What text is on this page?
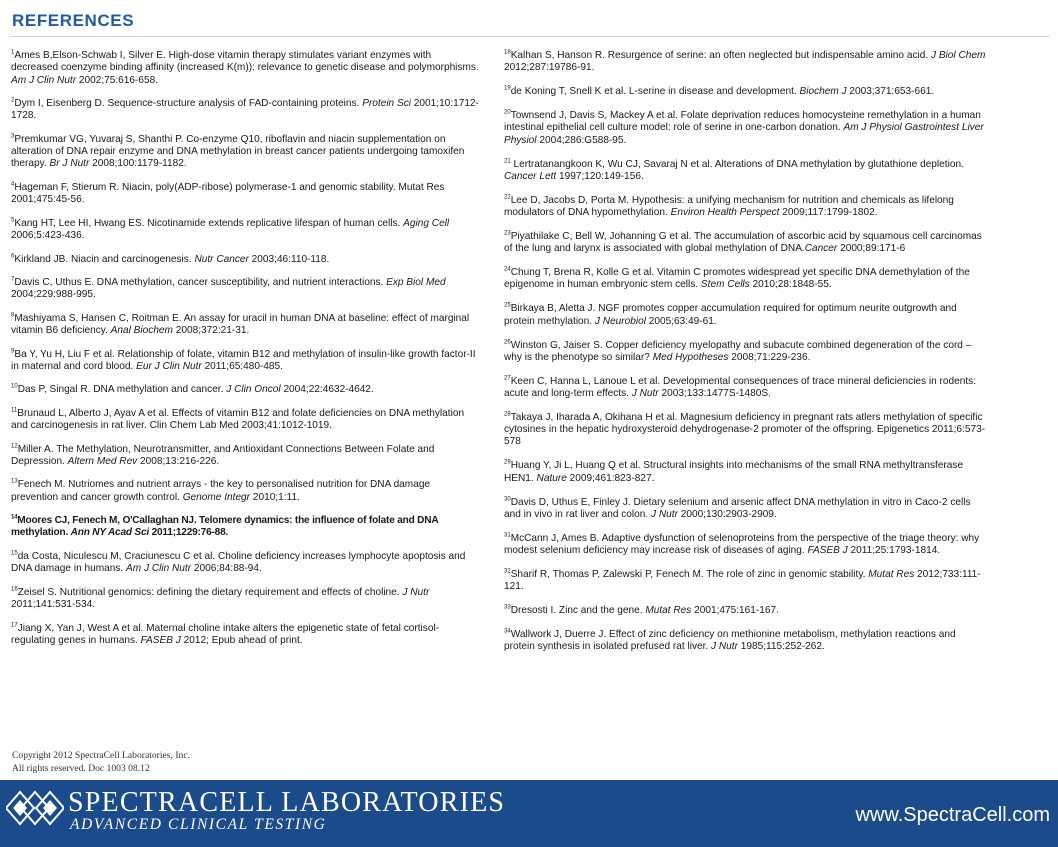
REFERENCES

$^1$Ames B,Elson-Schwab I, Silver E. High-dose vitamin therapy stimulates variant enzymes with decreased coenzyme binding affinity (increased K(m)): relevance to genetic disease and polymorphisms. Am J Clin Nutr 2002;75:616-658.

$^2$Dym I, Eisenberg D. Sequence-structure analysis of FAD-containing proteins. Protein Sci 2001;10:1712-1728.

$^3$Premkumar VG, Yuvaraj S, Shanthi P. Co-enzyme Q10, riboflavin and niacin supplementation on alteration of DNA repair enzyme and DNA methylation in breast cancer patients undergoing tamoxifen therapy. Br J Nutr 2008;100:1179-1182.

$^4$Hageman F, Stierum R. Niacin, poly(ADP-ribose) polymerase-1 and genomic stability. Mutat Res 2001;475:45-56.

$^5$Kang HT, Lee HI, Hwang ES. Nicotinamide extends replicative lifespan of human cells. Aging Cell 2006;5:423-436.

$^6$Kirkland JB. Niacin and carcinogenesis. Nutr Cancer 2003;46:110-118.

$^7$Davis C, Uthus E. DNA methylation, cancer susceptibility, and nutrient interactions. Exp Biol Med 2004;229:988-995.

$^8$Mashiyama S, Hansen C, Roitman E. An assay for uracil in human DNA at baseline: effect of marginal vitamin B6 deficiency. Anal Biochem 2008;372:21-31.

$^9$Ba Y, Yu H, Liu F et al. Relationship of folate, vitamin B12 and methylation of insulin-like growth factor-II in maternal and cord blood. Eur J Clin Nutr 2011;65:480-485.

$^{10}$Das P, Singal R. DNA methylation and cancer. J Clin Oncol 2004;22:4632-4642.

$^{11}$Brunaud L, Alberto J, Ayav A et al. Effects of vitamin B12 and folate deficiencies on DNA methylation and carcinogenesis in rat liver. Clin Chem Lab Med 2003;41:1012-1019.

$^{12}$Miller A. The Methylation, Neurotransmitter, and Antioxidant Connections Between Folate and Depression. Altern Med Rev 2008;13:216-226.

$^{13}$Fenech M. Nutriomes and nutrient arrays - the key to personalised nutrition for DNA damage prevention and cancer growth control. Genome Integr 2010;1:11.

$^{14}$Moores CJ, Fenech M, O'Callaghan NJ. Telomere dynamics: the influence of folate and DNA methylation. Ann NY Acad Sci 2011;1229:76-88.

$^{15}$da Costa, Niculescu M, Craciunescu C et al. Choline deficiency increases lymphocyte apoptosis and DNA damage in humans. Am J Clin Nutr 2006;84:88-94.

$^{16}$Zeisel S. Nutritional genomics: defining the dietary requirement and effects of choline. J Nutr 2011;141:531-534.

$^{17}$Jiang X, Yan J, West A et al. Maternal choline intake alters the epigenetic state of fetal cortisol-regulating genes in humans. FASEB J 2012; Epub ahead of print.

$^{18}$Kalhan S, Hanson R. Resurgence of serine: an often neglected but indispensable amino acid. J Biol Chem 2012;287:19786-91.

$^{19}$de Koning T, Snell K et al. L-serine in disease and development. Biochem J 2003;371:653-661.

$^{20}$Townsend J, Davis S, Mackey A et al. Folate deprivation reduces homocysteine remethylation in a human intestinal epithelial cell culture model: role of serine in one-carbon donation. Am J Physiol Gastrointest Liver Physiol 2004;286:G588-95.

$^{21}$ Lertratanangkoon K, Wu CJ, Savaraj N et al. Alterations of DNA methylation by glutathione depletion. Cancer Lett 1997;120:149-156.

$^{22}$Lee D, Jacobs D, Porta M. Hypothesis: a unifying mechanism for nutrition and chemicals as lifelong modulators of DNA hypomethylation. Environ Health Perspect 2009;117:1799-1802.

$^{23}$Piyathilake C, Bell W, Johanning G et al. The accumulation of ascorbic acid by squamous cell carcinomas of the lung and larynx is associated with global methylation of DNA.Cancer 2000;89:171-6

$^{24}$Chung T, Brena R, Kolle G et al. Vitamin C promotes widespread yet specific DNA demethylation of the epigenome in human embryonic stem cells. Stem Cells 2010;28:1848-55.

$^{25}$Birkaya B, Aletta J. NGF promotes copper accumulation required for optimum neurite outgrowth and protein methylation. J Neurobiol 2005;63:49-61.

$^{26}$Winston G, Jaiser S. Copper deficiency myelopathy and subacute combined degeneration of the cord – why is the phenotype so similar? Med Hypotheses 2008;71:229-236.

$^{27}$Keen C, Hanna L, Lanoue L et al. Developmental consequences of trace mineral deficiencies in rodents: acute and long-term effects. J Nutr 2003;133:1477S-1480S.

$^{28}$Takaya J, Iharada A, Okihana H et al. Magnesium deficiency in pregnant rats atlers methylation of specific cytosines in the hepatic hydroxysteroid dehydrogenase-2 promoter of the offspring. Epigenetics 2011;6:573-578

$^{29}$Huang Y, Ji L, Huang Q et al. Structural insights into mechanisms of the small RNA methyltransferase HEN1. Nature 2009;461:823-827.

$^{30}$Davis D, Uthus E, Finley J. Dietary selenium and arsenic affect DNA methylation in vitro in Caco-2 cells and in vivo in rat liver and colon. J Nutr 2000;130:2903-2909.

$^{31}$McCann J, Ames B. Adaptive dysfunction of selenoproteins from the perspective of the triage theory: why modest selenium deficiency may increase risk of diseases of aging. FASEB J 2011;25:1793-1814.

$^{32}$Sharif R, Thomas P, Zalewski P, Fenech M. The role of zinc in genomic stability. Mutat Res 2012;733:111-121.

$^{33}$Dresosti I. Zinc and the gene. Mutat Res 2001;475:161-167.

$^{34}$Wallwork J, Duerre J. Effect of zinc deficiency on methionine metabolism, methylation reactions and protein synthesis in isolated prefused rat liver. J Nutr 1985;115:252-262.

Copyright 2012 SpectraCell Laboratories, Inc.
All rights reserved. Doc 1003 08.12
SPECTRACELL LABORATORIES
ADVANCED CLINICAL TESTING	www.SpectraCell.com
